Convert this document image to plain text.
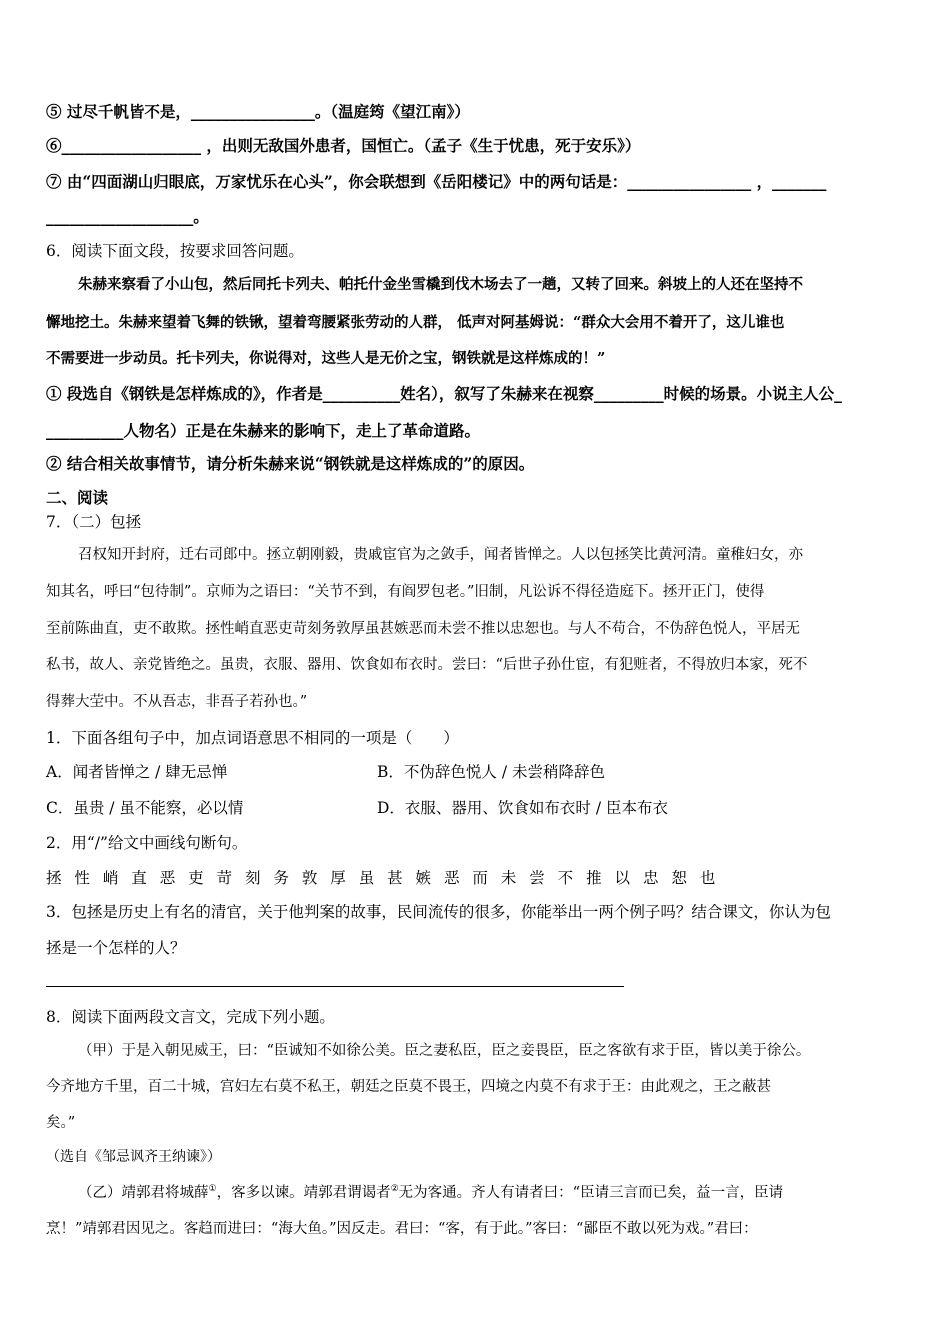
⑤ 过尽千帆皆不是，________________。（温庭筠《望江南》）
⑥__________________ ，出则无敌国外患者，国恒亡。（孟子《生于忧患，死于安乐》）
⑦ 由“四面湖山归眼底，万家忧乐在心头”，你会联想到《岳阳楼记》中的两句话是：________________ ，_______
___________________。
6．阅读下面文段，按要求回答问题。
朱赫来察看了小山包，然后同托卡列夫、帕托什金坐雪橇到伐木场去了一趟，又转了回来。斜坡上的人还在坚持不
懈地挖土。朱赫来望着飞舞的铁锹，望着弯腰紧张劳动的人群， 低声对阿基姆说：“群众大会用不着开了，这儿谁也
不需要进一步动员。托卡列夫，你说得对，这些人是无价之宝，钢铁就是这样炼成的！”
① 段选自《钢铁是怎样炼成的》，作者是__________姓名），叙写了朱赫来在视察_________时候的场景。小说主人公_
__________人物名）正是在朱赫来的影响下，走上了革命道路。
② 结合相关故事情节，请分析朱赫来说“钢铁就是这样炼成的”的原因。
二、阅读
7．（二）包拯
召权知开封府，迁右司郎中。拯立朝刚毅，贵戚宦官为之敛手，闻者皆惮之。人以包拯笑比黄河清。童稚妇女，亦
知其名，呼曰“包待制”。京师为之语曰：“关节不到，有阎罗包老。”旧制，凡讼诉不得径造庭下。拯开正门，使得
至前陈曲直，吏不敢欺。拯性峭直恶吏苛刻务敦厚虽甚嫉恶而未尝不推以忠恕也。与人不苟合，不伪辞色悦人，平居无
私书，故人、亲党皆绝之。虽贵，衣服、器用、饮食如布衣时。尝曰：“后世子孙仕宦，有犯赃者，不得放归本家，死不
得葬大茔中。不从吾志，非吾子若孙也。”
1．下面各组句子中，加点词语意思不相同的一项是（　　）
A．闻者皆惮之 / 肆无忌惮	B．不伪辞色悦人 / 未尝稍降辞色
C．虽贵 / 虽不能察，必以情	D．衣服、器用、饮食如布衣时 / 臣本布衣
2．用“/”给文中画线句断句。
拯 性 峭 直 恶 吏 苛 刻 务 敦 厚 虽 甚 嫉 恶 而 未 尝 不 推 以 忠 恕 也
3．包拯是历史上有名的清官，关于他判案的故事，民间流传的很多，你能举出一两个例子吗？结合课文，你认为包
拯是一个怎样的人？
8．阅读下面两段文言文，完成下列小题。
（甲）于是入朝见威王，曰：“臣诚知不如徐公美。臣之妻私臣，臣之妾畏臣，臣之客欲有求于臣，皆以美于徐公。
今齐地方千里，百二十城，宫妇左右莫不私王，朝廷之臣莫不畏王，四境之内莫不有求于王：由此观之，王之蔽甚
矣。”
（选自《邹忌讽齐王纳谏》）
（乙）靖郭君将城薛①，客多以谏。靖郭君谓谒者②无为客通。齐人有请者曰：“臣请三言而已矣，益一言，臣请
烹！”靖郭君因见之。客趋而进曰：“海大鱼。”因反走。君曰：“客，有于此。”客曰：“鄙臣不敢以死为戏。”君曰：
